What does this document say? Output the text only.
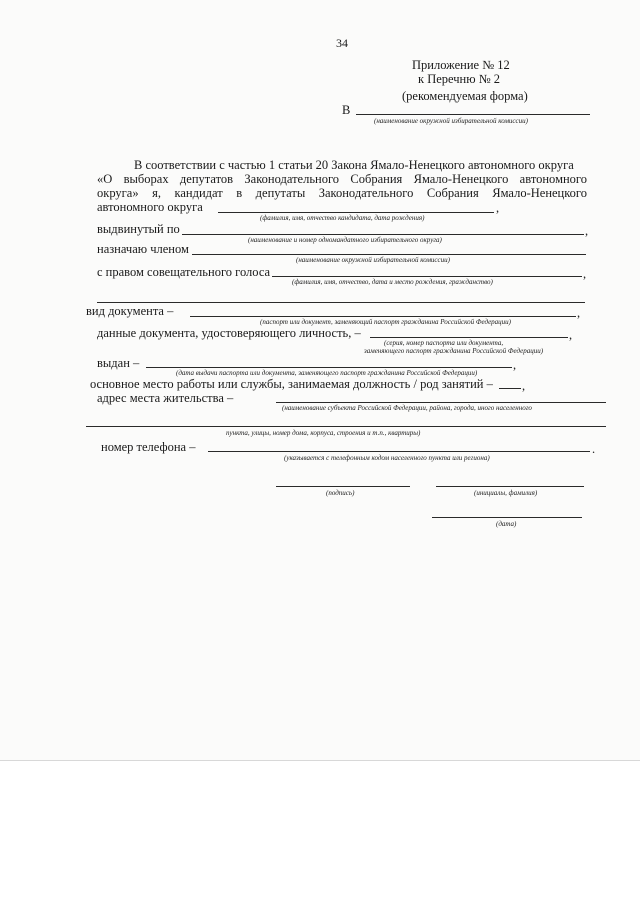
34
Приложение № 12
к Перечню № 2
(рекомендуемая форма)
В
(наименование окружной избирательной комиссии)
В соответствии с частью 1 статьи 20 Закона Ямало-Ненецкого автономного округа
«О выборах депутатов Законодательного Собрания Ямало-Ненецкого автономного
округа» я, кандидат в депутаты Законодательного Собрания Ямало-Ненецкого
автономного округа	,
(фамилия, имя, отчество кандидата, дата рождения)
выдвинутый по	,
(наименование и номер одномандатного избирательного округа)
назначаю членом
(наименование окружной избирательной комиссии)
с правом совещательного голоса	,
(фамилия, имя, отчество, дата и место рождения, гражданство)
вид документа –	,
(паспорт или документ, заменяющий паспорт гражданина Российской Федерации)
данные документа, удостоверяющего личность, –	,
(серия, номер паспорта или документа,
заменяющего паспорт гражданина Российской Федерации)
выдан –	,
(дата выдачи паспорта или документа, заменяющего паспорт гражданина Российской Федерации)
основное место работы или службы, занимаемая должность / род занятий – ,
адрес места жительства –
(наименование субъекта Российской Федерации, района, города, иного населенного
пункта, улицы, номер дома, корпуса, строения и т.п., квартиры)
номер телефона –	.
(указывается с телефонным кодом населенного пункта или региона)
(подпись)	(инициалы, фамилия)
(дата)
